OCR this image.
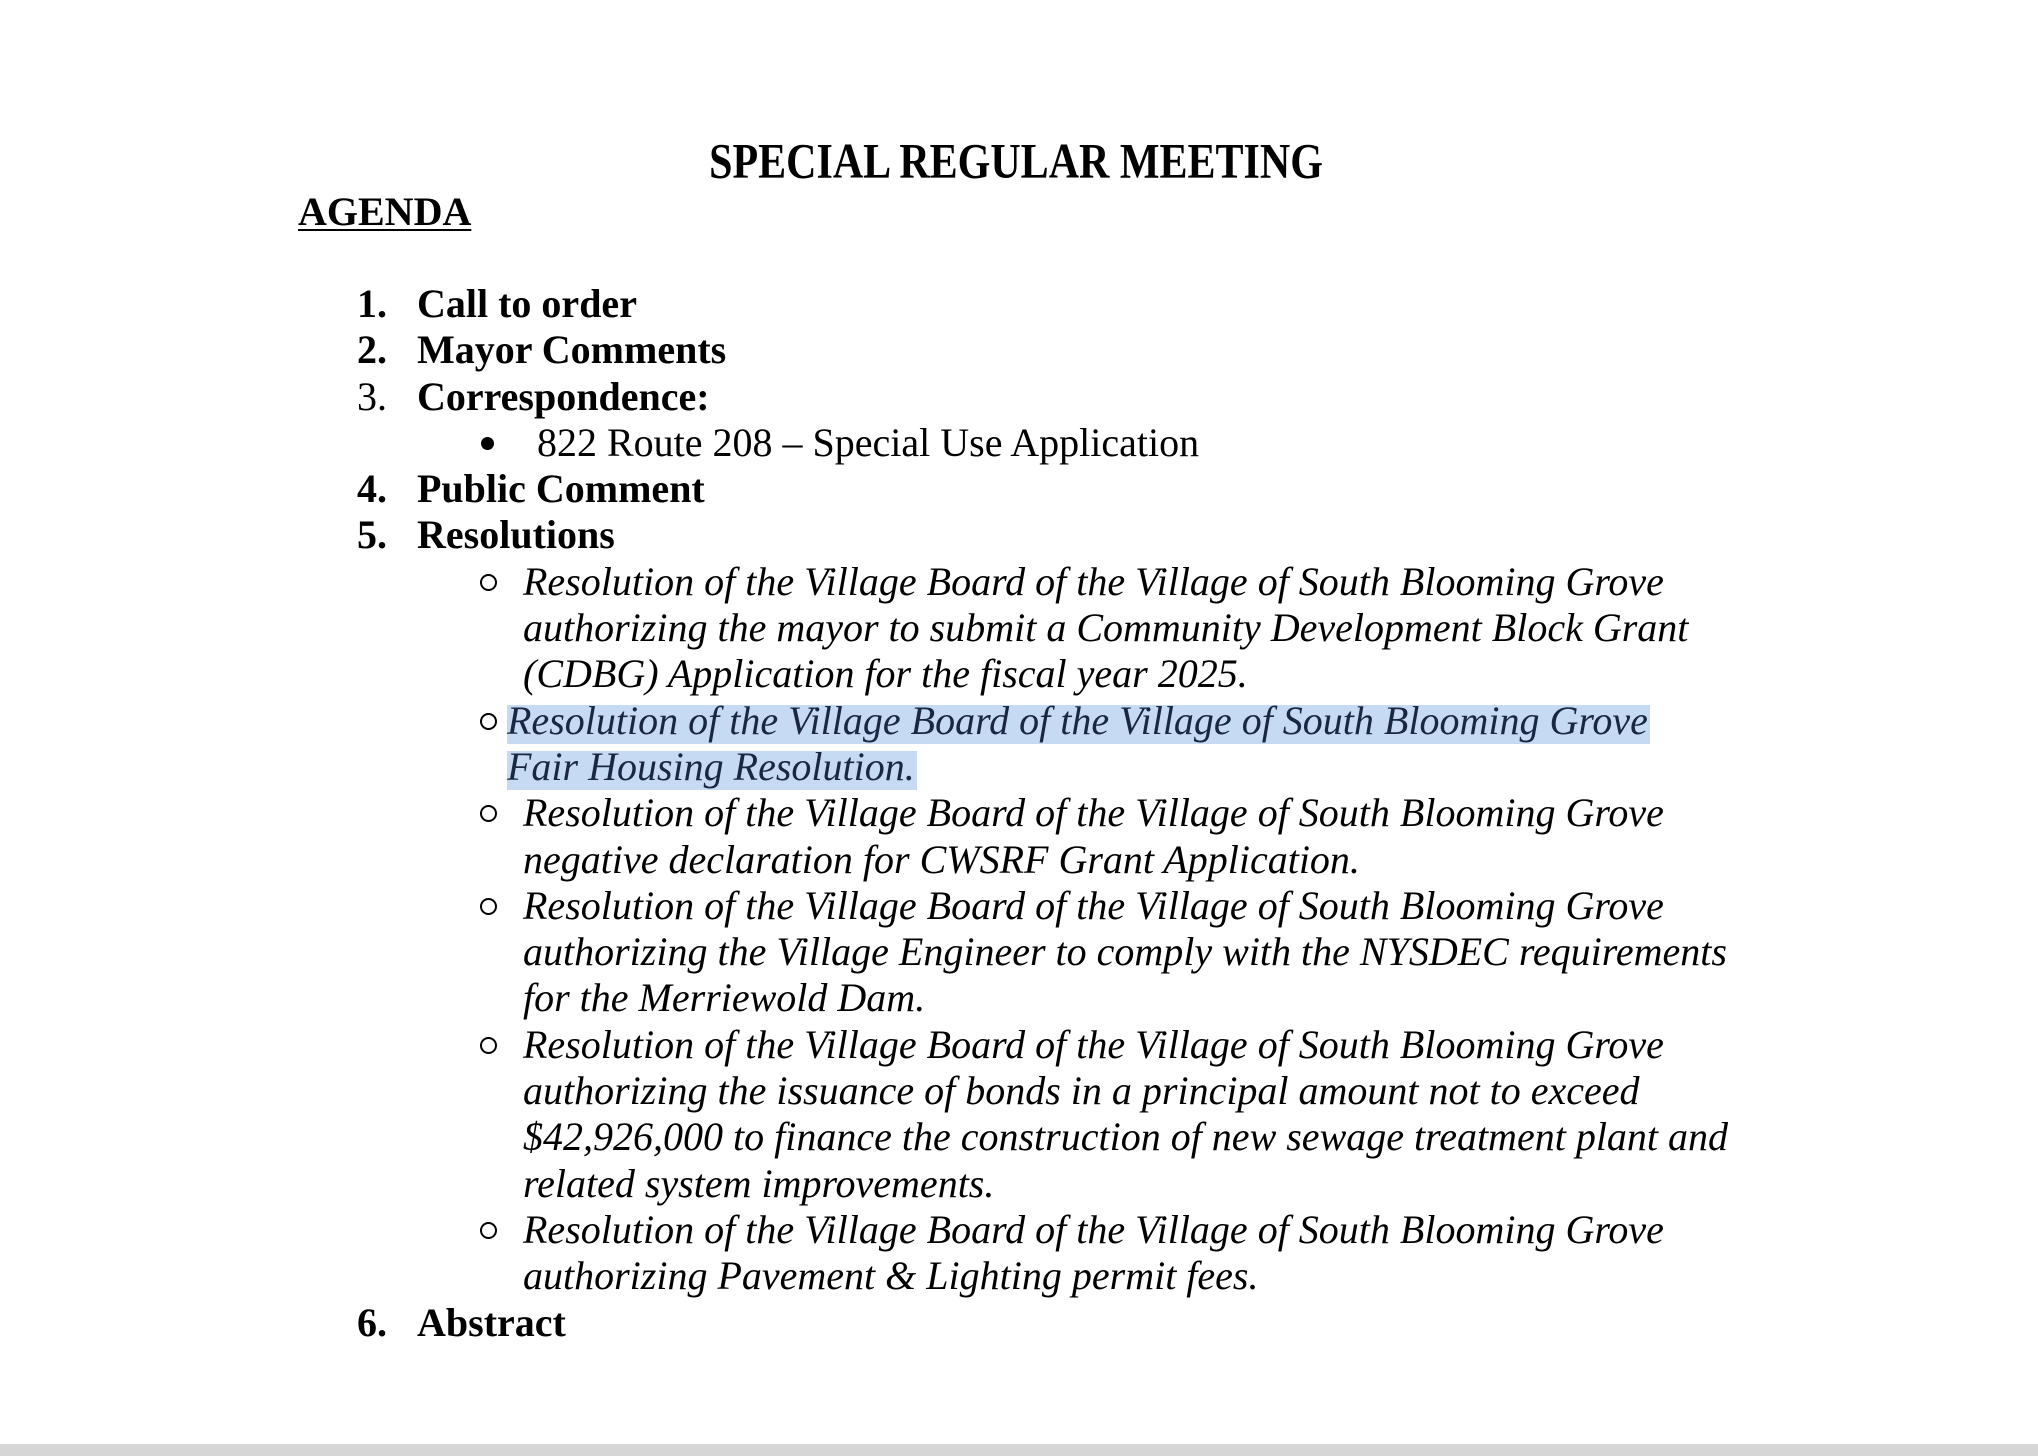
SPECIAL REGULAR MEETING
AGENDA
1. Call to order
2. Mayor Comments
3. Correspondence:
822 Route 208 – Special Use Application
4. Public Comment
5. Resolutions
Resolution of the Village Board of the Village of South Blooming Grove
authorizing the mayor to submit a Community Development Block Grant
(CDBG) Application for the fiscal year 2025.
Resolution of the Village Board of the Village of South Blooming Grove
Fair Housing Resolution.
Resolution of the Village Board of the Village of South Blooming Grove
negative declaration for CWSRF Grant Application.
Resolution of the Village Board of the Village of South Blooming Grove
authorizing the Village Engineer to comply with the NYSDEC requirements
for the Merriewold Dam.
Resolution of the Village Board of the Village of South Blooming Grove
authorizing the issuance of bonds in a principal amount not to exceed
$42,926,000 to finance the construction of new sewage treatment plant and
related system improvements.
Resolution of the Village Board of the Village of South Blooming Grove
authorizing Pavement & Lighting permit fees.
6. Abstract
